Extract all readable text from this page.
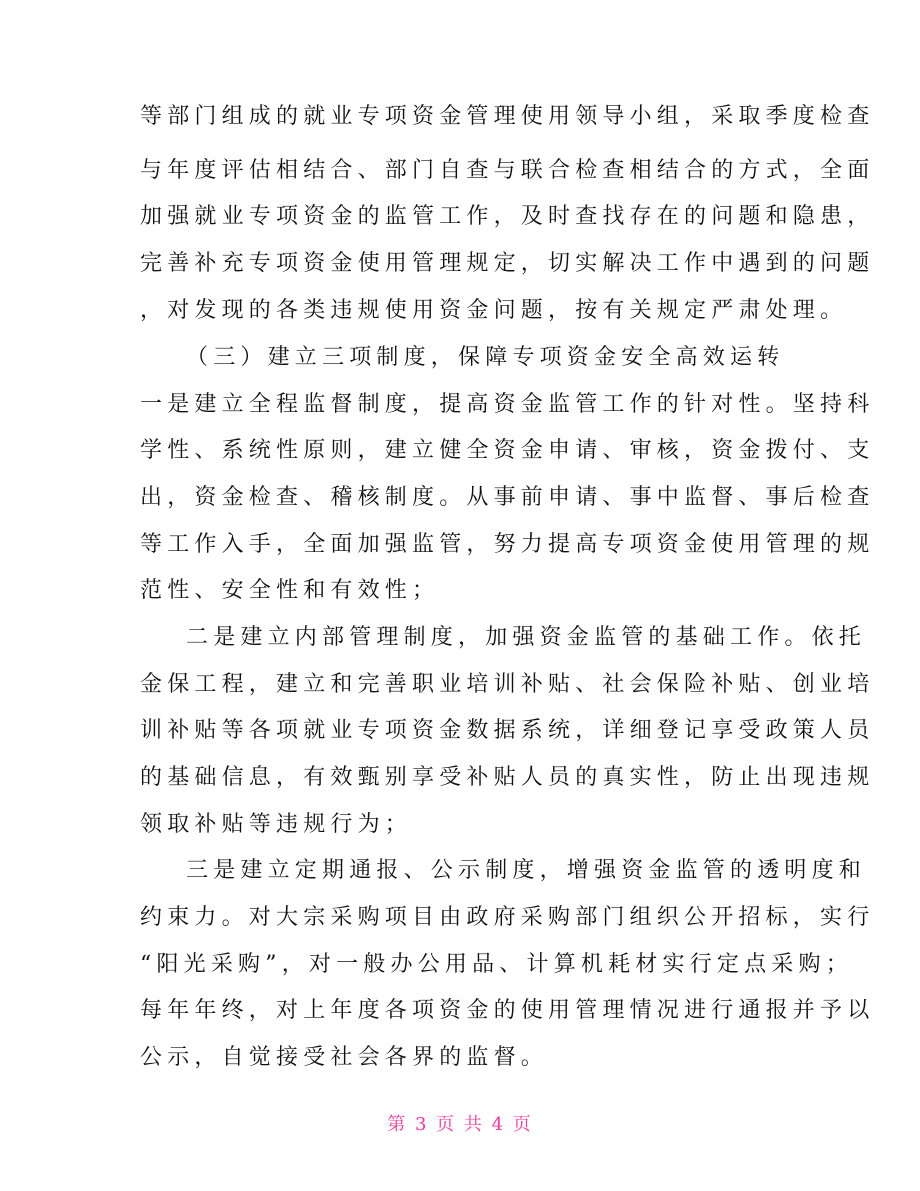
等部门组成的就业专项资金管理使用领导小组，采取季度检查
与年度评估相结合、部门自查与联合检查相结合的方式，全面
加强就业专项资金的监管工作，及时查找存在的问题和隐患，
完善补充专项资金使用管理规定，切实解决工作中遇到的问题
，对发现的各类违规使用资金问题，按有关规定严肃处理。
（三）建立三项制度，保障专项资金安全高效运转
一是建立全程监督制度，提高资金监管工作的针对性。坚持科
学性、系统性原则，建立健全资金申请、审核，资金拨付、支
出，资金检查、稽核制度。从事前申请、事中监督、事后检查
等工作入手，全面加强监管，努力提高专项资金使用管理的规
范性、安全性和有效性；
二是建立内部管理制度，加强资金监管的基础工作。依托
金保工程，建立和完善职业培训补贴、社会保险补贴、创业培
训补贴等各项就业专项资金数据系统，详细登记享受政策人员
的基础信息，有效甄别享受补贴人员的真实性，防止出现违规
领取补贴等违规行为；
三是建立定期通报、公示制度，增强资金监管的透明度和
约束力。对大宗采购项目由政府采购部门组织公开招标，实行
“阳光采购”，对一般办公用品、计算机耗材实行定点采购；
每年年终，对上年度各项资金的使用管理情况进行通报并予以
公示，自觉接受社会各界的监督。
第 3 页 共 4 页
